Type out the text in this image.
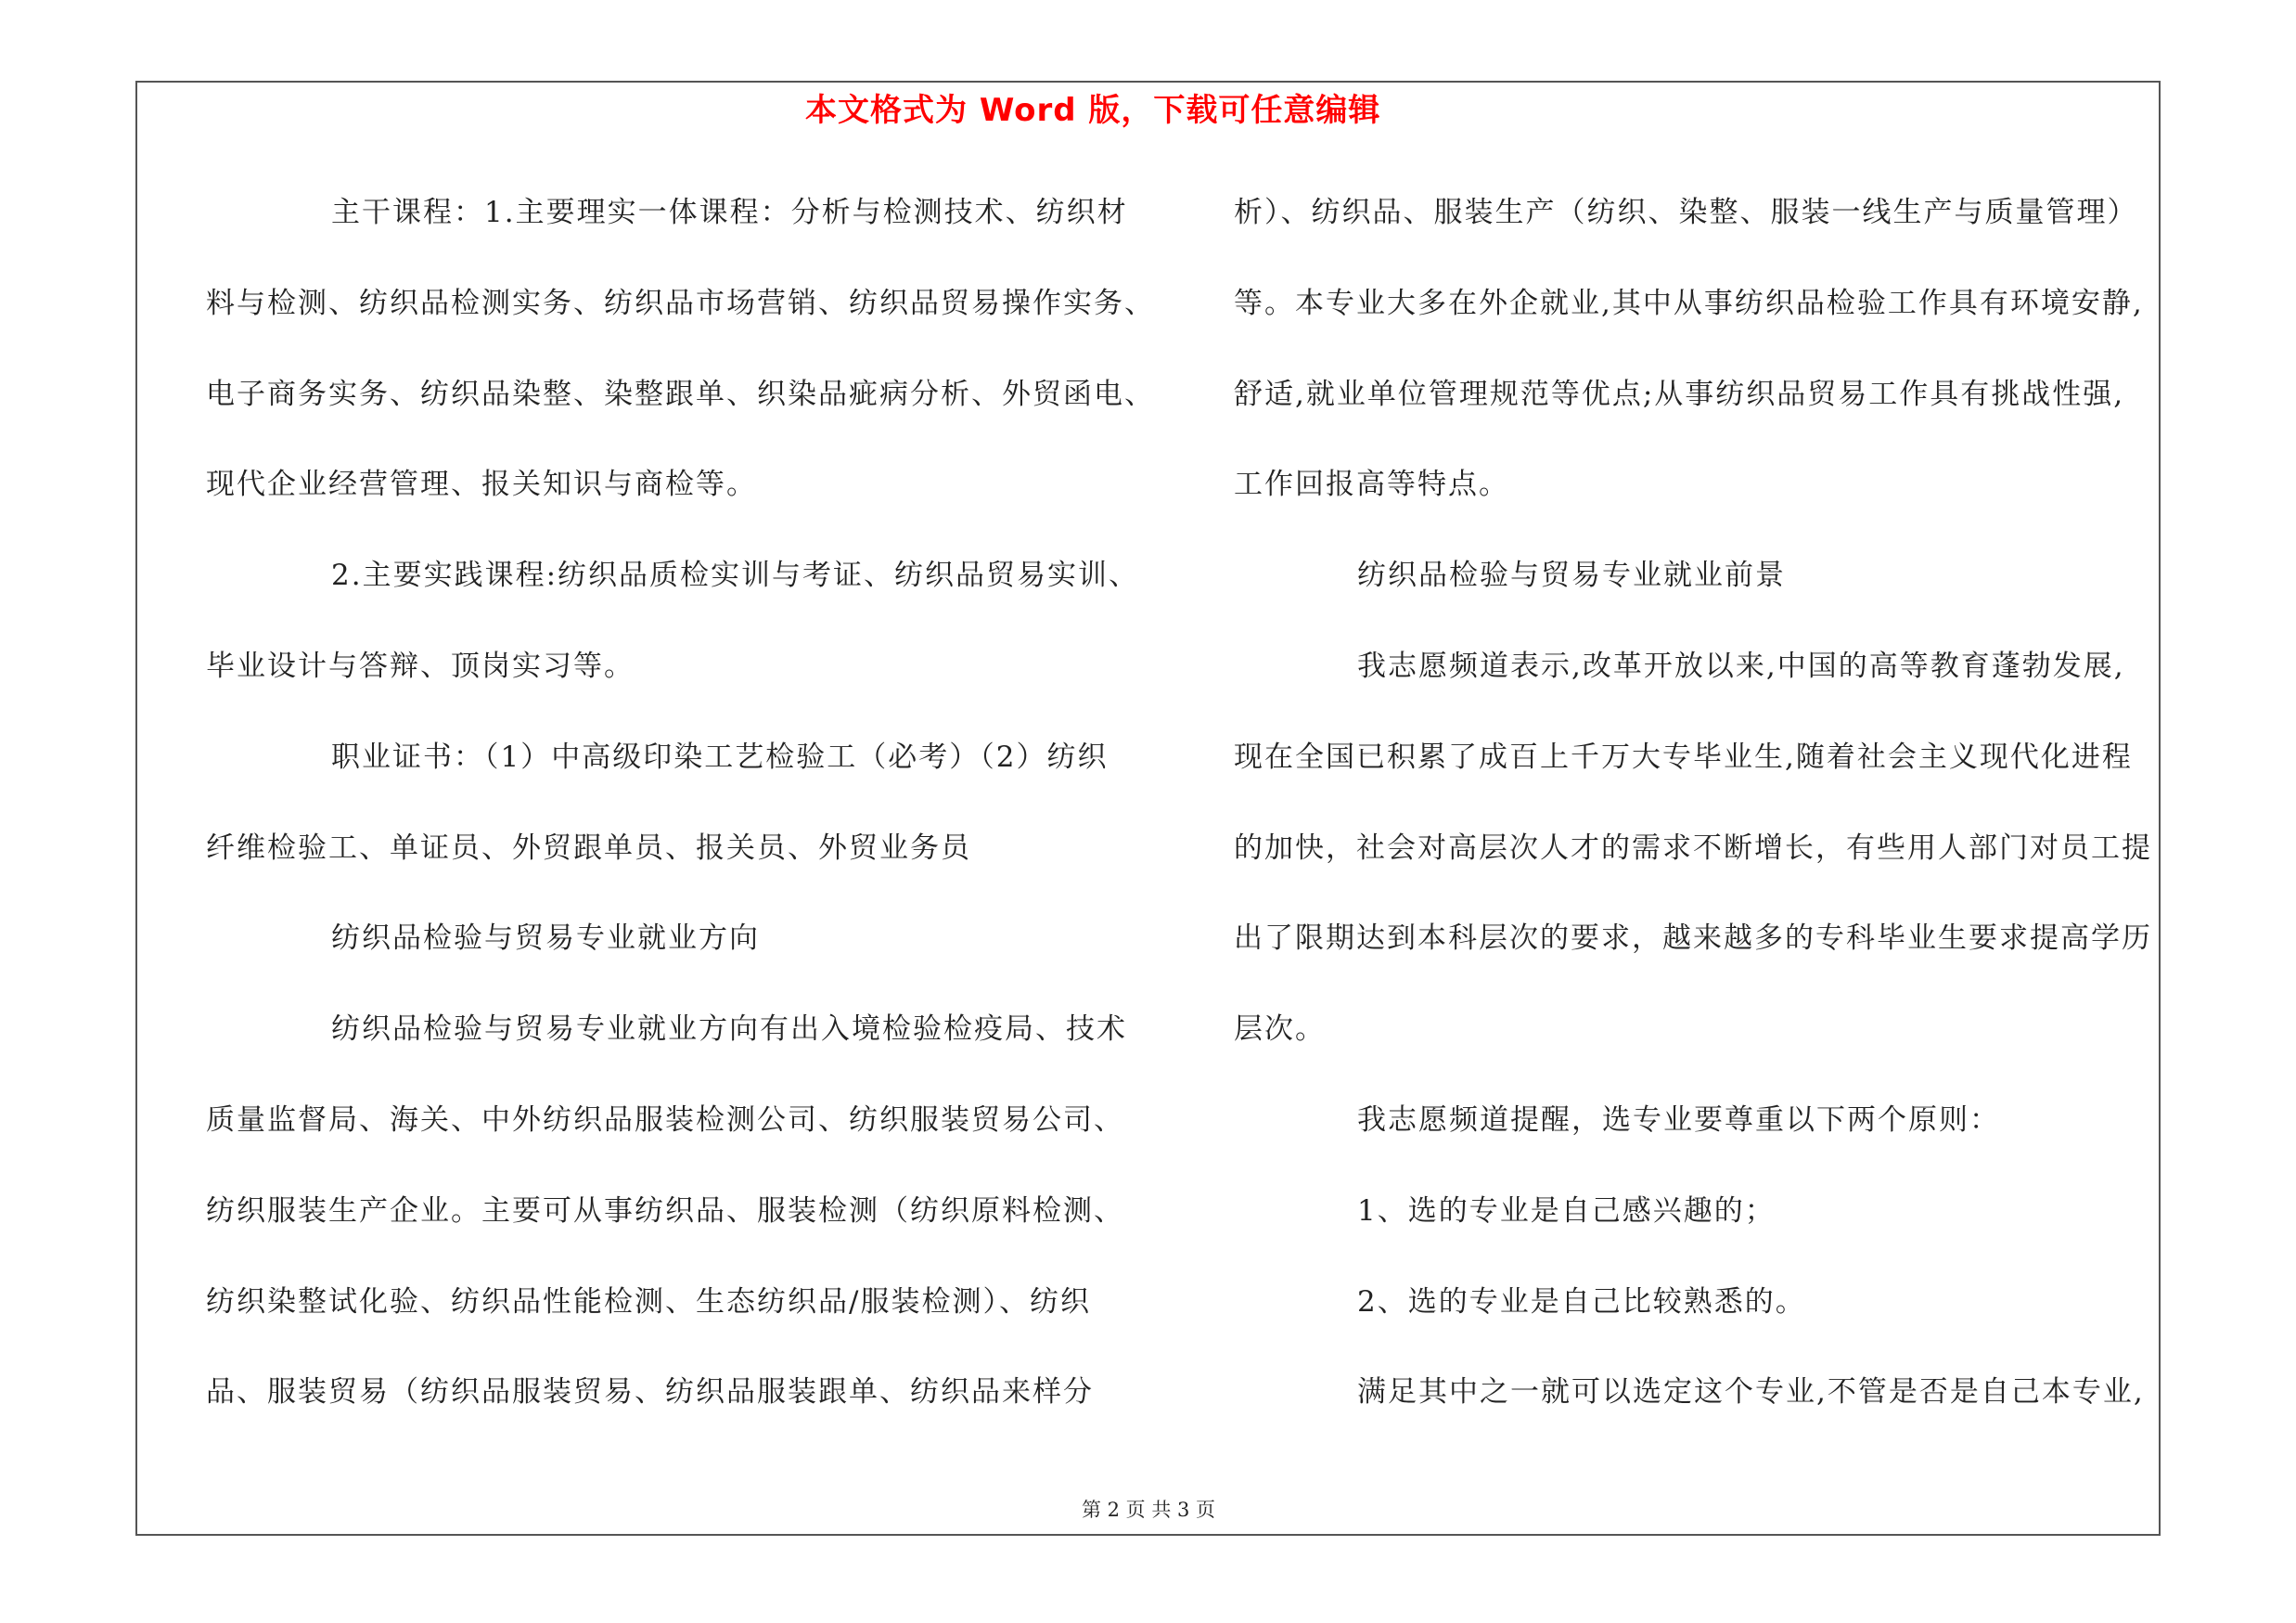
本文格式为 Word 版，下载可任意编辑
主干课程：1.主要理实一体课程：分析与检测技术、纺织材
料与检测、纺织品检测实务、纺织品市场营销、纺织品贸易操作实务、
电子商务实务、纺织品染整、染整跟单、织染品疵病分析、外贸函电、
现代企业经营管理、报关知识与商检等。
2.主要实践课程:纺织品质检实训与考证、纺织品贸易实训、
毕业设计与答辩、顶岗实习等。
职业证书：（1）中高级印染工艺检验工（必考）（2）纺织
纤维检验工、单证员、外贸跟单员、报关员、外贸业务员
纺织品检验与贸易专业就业方向
纺织品检验与贸易专业就业方向有出入境检验检疫局、技术
质量监督局、海关、中外纺织品服装检测公司、纺织服装贸易公司、
纺织服装生产企业。主要可从事纺织品、服装检测（纺织原料检测、
纺织染整试化验、纺织品性能检测、生态纺织品/服装检测）、纺织
品、服装贸易（纺织品服装贸易、纺织品服装跟单、纺织品来样分
析）、纺织品、服装生产（纺织、染整、服装一线生产与质量管理）
等。本专业大多在外企就业,其中从事纺织品检验工作具有环境安静,
舒适,就业单位管理规范等优点;从事纺织品贸易工作具有挑战性强,
工作回报高等特点。
纺织品检验与贸易专业就业前景
我志愿频道表示,改革开放以来,中国的高等教育蓬勃发展,
现在全国已积累了成百上千万大专毕业生,随着社会主义现代化进程
的加快，社会对高层次人才的需求不断增长，有些用人部门对员工提
出了限期达到本科层次的要求，越来越多的专科毕业生要求提高学历
层次。
我志愿频道提醒，选专业要尊重以下两个原则：
1、选的专业是自己感兴趣的；
2、选的专业是自己比较熟悉的。
满足其中之一就可以选定这个专业,不管是否是自己本专业,
第 2 页 共 3 页
